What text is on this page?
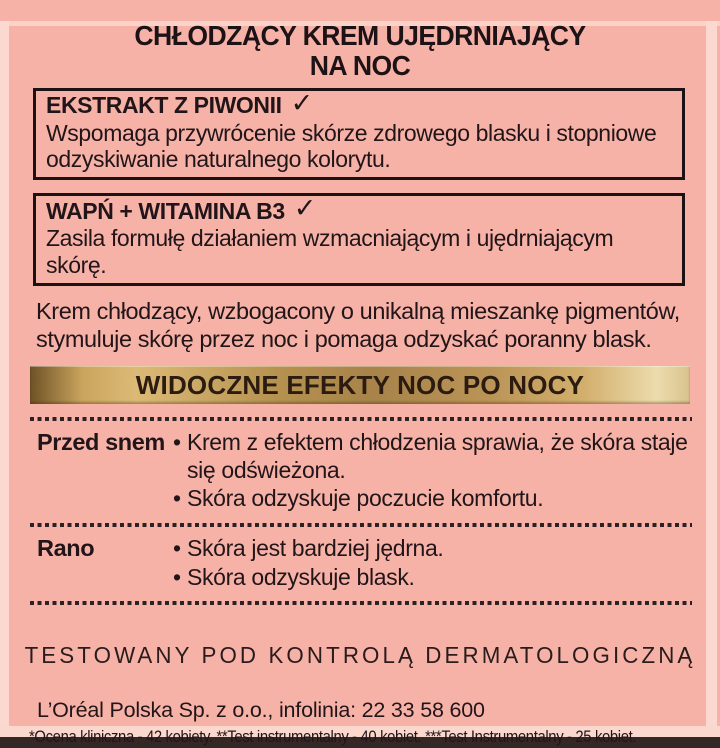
CHŁODZĄCY KREM UJĘDRNIAJĄCY
NA NOC
EKSTRAKT Z PIWONII ✓

Wspomaga przywrócenie skórze zdrowego blasku i stopniowe odzyskiwanie naturalnego kolorytu.

WAPŃ + WITAMINA B3 ✓

Zasila formułę działaniem wzmacniającym i ujędrniającym skórę.

Krem chłodzący, wzbogacony o unikalną mieszankę pigmentów, stymuluje skórę przez noc i pomaga odzyskać poranny blask.

WIDOCZNE EFEKTY NOC PO NOCY
Przed snem • Krem z efektem chłodzenia sprawia, że skóra staje się odświeżona.
• Skóra odzyskuje poczucie komfortu.
Rano	• Skóra jest bardziej jędrna.
• Skóra odzyskuje blask.

TESTOWANY POD KONTROLĄ DERMATOLOGICZNĄ

L’Oréal Polska Sp. z o.o., infolinia: 22 33 58 600

*Ocena kliniczna - 42 kobiety. **Test instrumentalny - 40 kobiet. ***Test Instrumentalny - 25 kobiet.
